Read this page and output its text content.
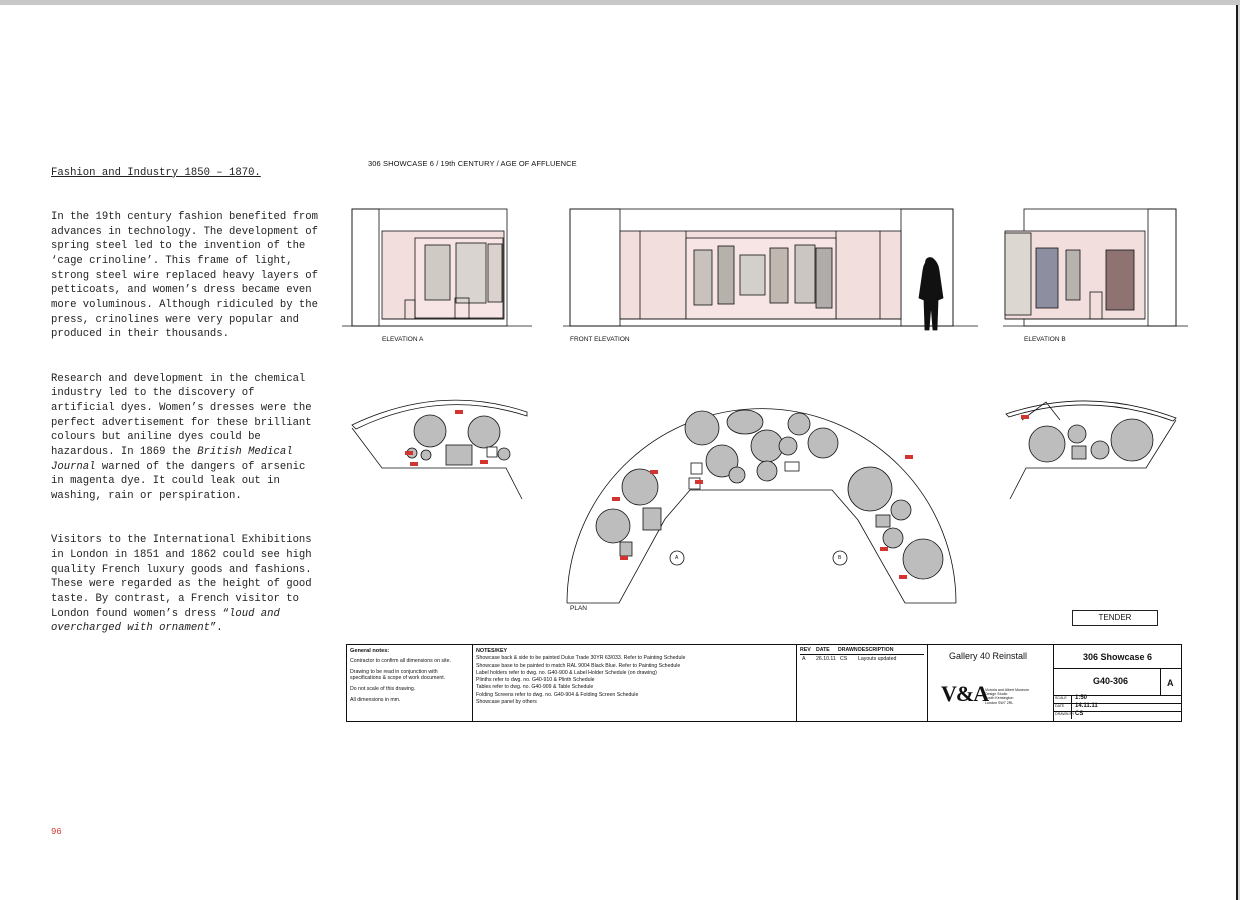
Fashion and Industry 1850 – 1870.

In the 19th century fashion benefited from advances in technology. The development of spring steel led to the invention of the ‘cage crinoline’. This frame of light, strong steel wire replaced heavy layers of petticoats, and women’s dress became even more voluminous. Although ridiculed by the press, crinolines were very popular and produced in their thousands.

Research and development in the chemical industry led to the discovery of artificial dyes. Women’s dresses were the perfect advertisement for these brilliant colours but aniline dyes could be hazardous. In 1869 the British Medical Journal warned of the dangers of arsenic in magenta dye. It could leak out in washing, rain or perspiration.

Visitors to the International Exhibitions in London in 1851 and 1862 could see high quality French luxury goods and fashions. These were regarded as the height of good taste. By contrast, a French visitor to London found women’s dress “loud and overcharged with ornament”.

96
306 SHOWCASE 6 / 19th CENTURY / AGE OF AFFLUENCE
ELEVATION A	FRONT ELEVATION	ELEVATION B
PLAN
A	B
TENDER
General notes:
Contractor to confirm all dimensions on site.
Drawing to be read in conjunction with specifications & scope of work document.
Do not scale of this drawing.
All dimensions in mm.
NOTES/KEY
Showcase back & side to be painted Dulux Trade 30YR 63/033. Refer to Painting Schedule
Showcase base to be painted to match RAL 9004 Black Blue. Refer to Painting Schedule
Label holders refer to dwg. no. G40-900 & Label Holder Schedule (on drawing)
Plinths refer to dwg. no. G40-910 & Plinth Schedule
Tables refer to dwg. no. G40-909 & Table Schedule
Folding Screens refer to dwg. no. G40-904 & Folding Screen Schedule
Showcase panel by others
REV DATE DRAWN DESCRIPTION
A 26.10.11 CS Layouts updated	Gallery 40 Reinstall
V&A
Victoria and Albert Museum
Design Studio
South Kensington
London SW7 2RL
306 Showcase 6
G40-306	A
SCALE 1:50
DATE 14.11.11
DRAWN BY CS
